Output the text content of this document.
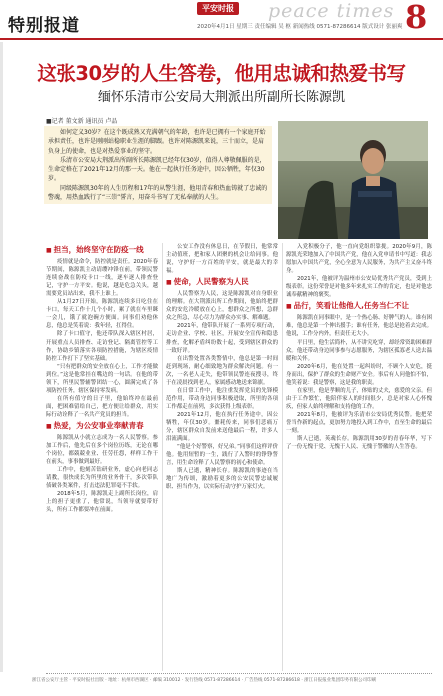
特别报道
平安时报 peace times 8
2020年4月1日 星期三 责任编辑 吴 枢 新闻热线 0571-87286614 版式设计 张丽爽
这张30岁的人生答卷，他用忠诚和热爱书写
缅怀乐清市公安局大荆派出所副所长陈源凯
■记者 董文新 通讯员 卢品

如何定义30岁？在这个既成熟又充满朝气的年龄，也许是已拥有一个家庭开始承担责任，也许是刚刚站稳职业生涯的脚跟。也许对陈源凯来说，三十而立，是肩负身上的使命，也是对热爱事业的坚守。

乐清市公安局大荆派出所副所长陈源凯已经年仅30岁，值得人尊敬佩服的是，生命定格在了2021年12月的那一天。他在一起执行任务途中，因公牺牲，年仅30岁。

同级陈源凯30年的人生历程和17年的从警生涯，他用青春和热血铸就了忠诚的警魂，用热血践行了“三崇”誓言，用奋斗书写了无私奉献的人生。

■ 担当，始终坚守在防疫一线

疫情就是命令，防控就是责任。2020年春节期间，陈源凯主动请缨冲锋在前，带领民警连续奋战在防疫卡口一线，逐车逐人排查登记，守护一方平安。他说，越是危急关头，越需要党员站出来，我不上谁上。

从1月27日开始，陈源凯连续多日吃住在卡口，每天工作十几个小时，累了就在车里眯一会儿，饿了就泡碗方便面。同事们劝他休息，他总是笑着说：我年轻，扛得住。

除了卡口值守，他还带队深入辖区村居，开展重点人员排查、走访登记、隔离管控等工作，协助乡镇落实各项防控措施，为辖区疫情防控工作打下了坚实基础。

“只有把群众的安全放在心上，工作才能做到位。”这是他常挂在嘴边的一句话。在他的带领下，所里民警辅警团结一心，圆满完成了各项防控任务，辖区保持零发病。

在所有值守的日子里，他始终冲在最前面，把困难留给自己，把方便让给群众，用实际行动诠释了一名共产党员的担当。

■ 热爱，为公安事业奉献青春

陈源凯从小就立志成为一名人民警察。参加工作后，他先后在多个岗位历练，无论在哪个岗位，都兢兢业业、任劳任怨，样样工作干在前头，事事做到最好。

工作中，他刻苦钻研业务，虚心向老同志请教，很快成长为所里的业务骨干，多次带队侦破各类案件，打击违法犯罪毫不手软。

2018年5月，陈源凯走上副所长岗位，肩上的担子更重了，他常说，当领导就要带好头，所有工作都要冲在前面。

公安工作没有休息日，在节假日，他常常主动值班，把和家人团聚的机会让给同事。他说，守护好一方百姓的平安，就是最大的幸福。

■ 使命，人民警察为人民

人民警察为人民，这是陈源凯对自身职业的理解。在大荆派出所工作期间，他始终把群众的安危冷暖放在心上，想群众之所想，急群众之所急，尽心尽力为群众办实事、解难题。

2021年，他带队开展了一系列专项行动，走访企业、学校、社区，开展安全宣传和隐患排查，化解矛盾纠纷数十起，受到辖区群众的一致好评。

在出警处置各类警情中，他总是第一时间赶到现场，耐心细致地为群众解决问题。有一次，一名老人走失，他带领民警连夜搜寻，终于在凌晨找到老人，家属感动地送来锦旗。

在日常工作中，他注重发挥党员的先锋模范作用，带动身边同事积极进取，所里的各项工作都走在前列，多次获得上级表彰。

2021年12月，他在执行任务途中，因公牺牲，年仅30岁。噩耗传来，同事们悲痛万分，辖区群众自发前来送他最后一程，许多人泪流满面。

“他是个好警察，好兄弟。”同事们这样评价他。他用短暂的一生，践行了入警时的铮铮誓言，用生命诠释了人民警察的初心和使命。

斯人已逝，精神长存。陈源凯的事迹在当地广为传颂，激励着更多的公安民警忠诚履职、担当作为，以实际行动守护万家灯火。

入党积极分子，他一直向党组织靠拢。2020年9月，陈源凯光荣地加入了中国共产党，他在入党申请书中写道：我志愿加入中国共产党，全心全意为人民服务，为共产主义奋斗终身。

2021年，他被评为温州市公安局优秀共产党员，受到上级表彰。这份荣誉是对他多年来扎实工作的肯定，也是对他忠诚奉献精神的褒奖。

■ 品行，笑看让他他人,任务当仁不让

陈源凯在同事眼中，是一个热心肠、好脾气的人。谁有困难，他总是第一个伸出援手；谁有任务，他总是抢着去完成。他说，工作分内外，但责任无大小。

平日里，他生活简朴，从不讲究吃穿，却经常资助困难群众。他还带动身边同事参与志愿服务，为辖区孤寡老人送去温暖和关怀。

2020年6月，他在处置一起纠纷时，不顾个人安危，挺身而出，保护了群众的生命财产安全。事后有人问他怕不怕，他笑着说：我是警察，这是我的职责。

在家里，他是孝顺的儿子，体贴的丈夫，慈爱的父亲。但由于工作繁忙，他陪伴家人的时间很少，总是对家人心怀愧疚，但家人始终理解和支持他的工作。

2021年8月，他被评为乐清市公安局优秀民警。他把荣誉当作新的起点，更加努力地投入到工作中，直至生命的最后一刻。

斯人已逝，英魂长存。陈源凯用30岁的青春年华，写下了一份无愧于党、无愧于人民、无愧于警徽的人生答卷。

浙江省公安厅主管 · 平安时报社出版 · 地址：杭州市西湖区 · 邮编 310012 · 发行热线 0571-87286614 · 广告热线 0571-87286618 · 浙江日报报业集团印务有限公司印刷
